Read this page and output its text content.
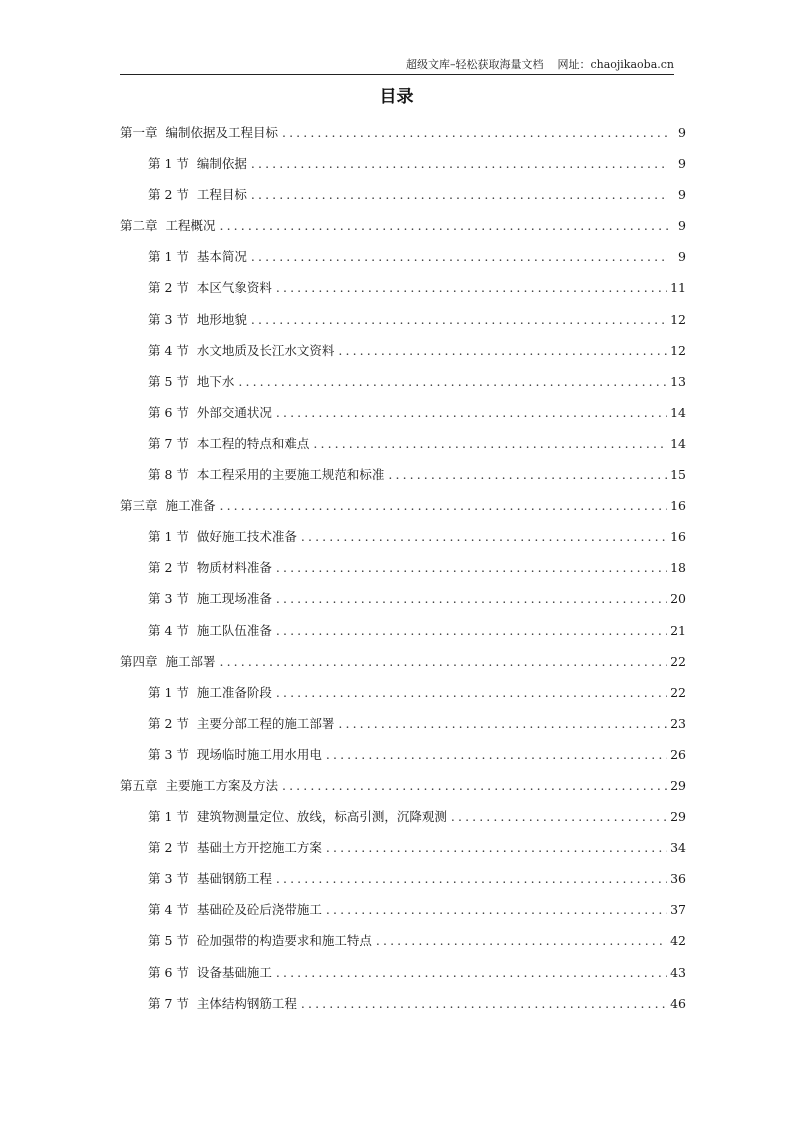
超级文库–轻松获取海量文档 网址：chaojikaoba.cn
目录
第一章 编制依据及工程目标 .....	9
第 1 节 编制依据 .....	9
第 2 节 工程目标 .....	9
第二章 工程概况 .....	9
第 1 节 基本简况 .....	9
第 2 节 本区气象资料 .....	11
第 3 节 地形地貌 .....	12
第 4 节 水文地质及长江水文资料 .....	12
第 5 节 地下水 .....	13
第 6 节 外部交通状况 .....	14
第 7 节 本工程的特点和难点 .....	14
第 8 节 本工程采用的主要施工规范和标准 .....	15
第三章 施工准备 .....	16
第 1 节 做好施工技术准备 .....	16
第 2 节 物质材料准备 .....	18
第 3 节 施工现场准备 .....	20
第 4 节 施工队伍准备 .....	21
第四章 施工部署 .....	22
第 1 节 施工准备阶段 .....	22
第 2 节 主要分部工程的施工部署 .....	23
第 3 节 现场临时施工用水用电 .....	26
第五章 主要施工方案及方法 .....	29
第 1 节 建筑物测量定位、放线，标高引测，沉降观测 .....	29
第 2 节 基础土方开挖施工方案 .....	34
第 3 节 基础钢筋工程 .....	36
第 4 节 基础砼及砼后浇带施工 .....	37
第 5 节 砼加强带的构造要求和施工特点 .....	42
第 6 节 设备基础施工 .....	43
第 7 节 主体结构钢筋工程 .....	46
